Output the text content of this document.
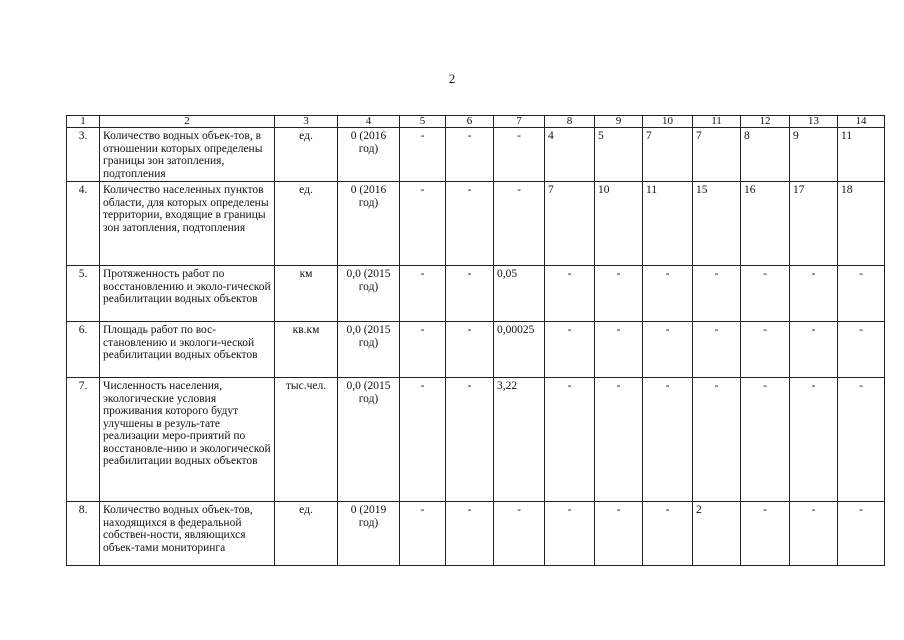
2
1	2	3	4	5	6	7	8	9	10	11	12	13	14
3.	Количество водных объек-тов, в отношении которых определены границы зон затопления, подтопления	ед.	0 (2016 год)	-	-	-	4	5	7	7	8	9	11
4.	Количество населенных пунктов области, для которых определены территории, входящие в границы зон затопления, подтопления	ед.	0 (2016 год)	-	-	-	7	10	11	15	16	17	18
5.	Протяженность работ по восстановлению и эколо-гической реабилитации водных объектов	км	0,0 (2015 год)	-	-	0,05	-	-	-	-	-	-	-
6.	Площадь работ по вос-становлению и экологи-ческой реабилитации водных объектов	кв.км	0,0 (2015 год)	-	-	0,00025	-	-	-	-	-	-	-
7.	Численность населения, экологические условия проживания которого будут улучшены в резуль-тате реализации меро-приятий по восстановле-нию и экологической реабилитации водных объектов	тыс.чел.	0,0 (2015 год)	-	-	3,22	-	-	-	-	-	-	-
8.	Количество водных объек-тов, находящихся в федеральной собствен-ности, являющихся объек-тами мониторинга	ед.	0 (2019 год)	-	-	-	-	-	-	2	-	-	-
